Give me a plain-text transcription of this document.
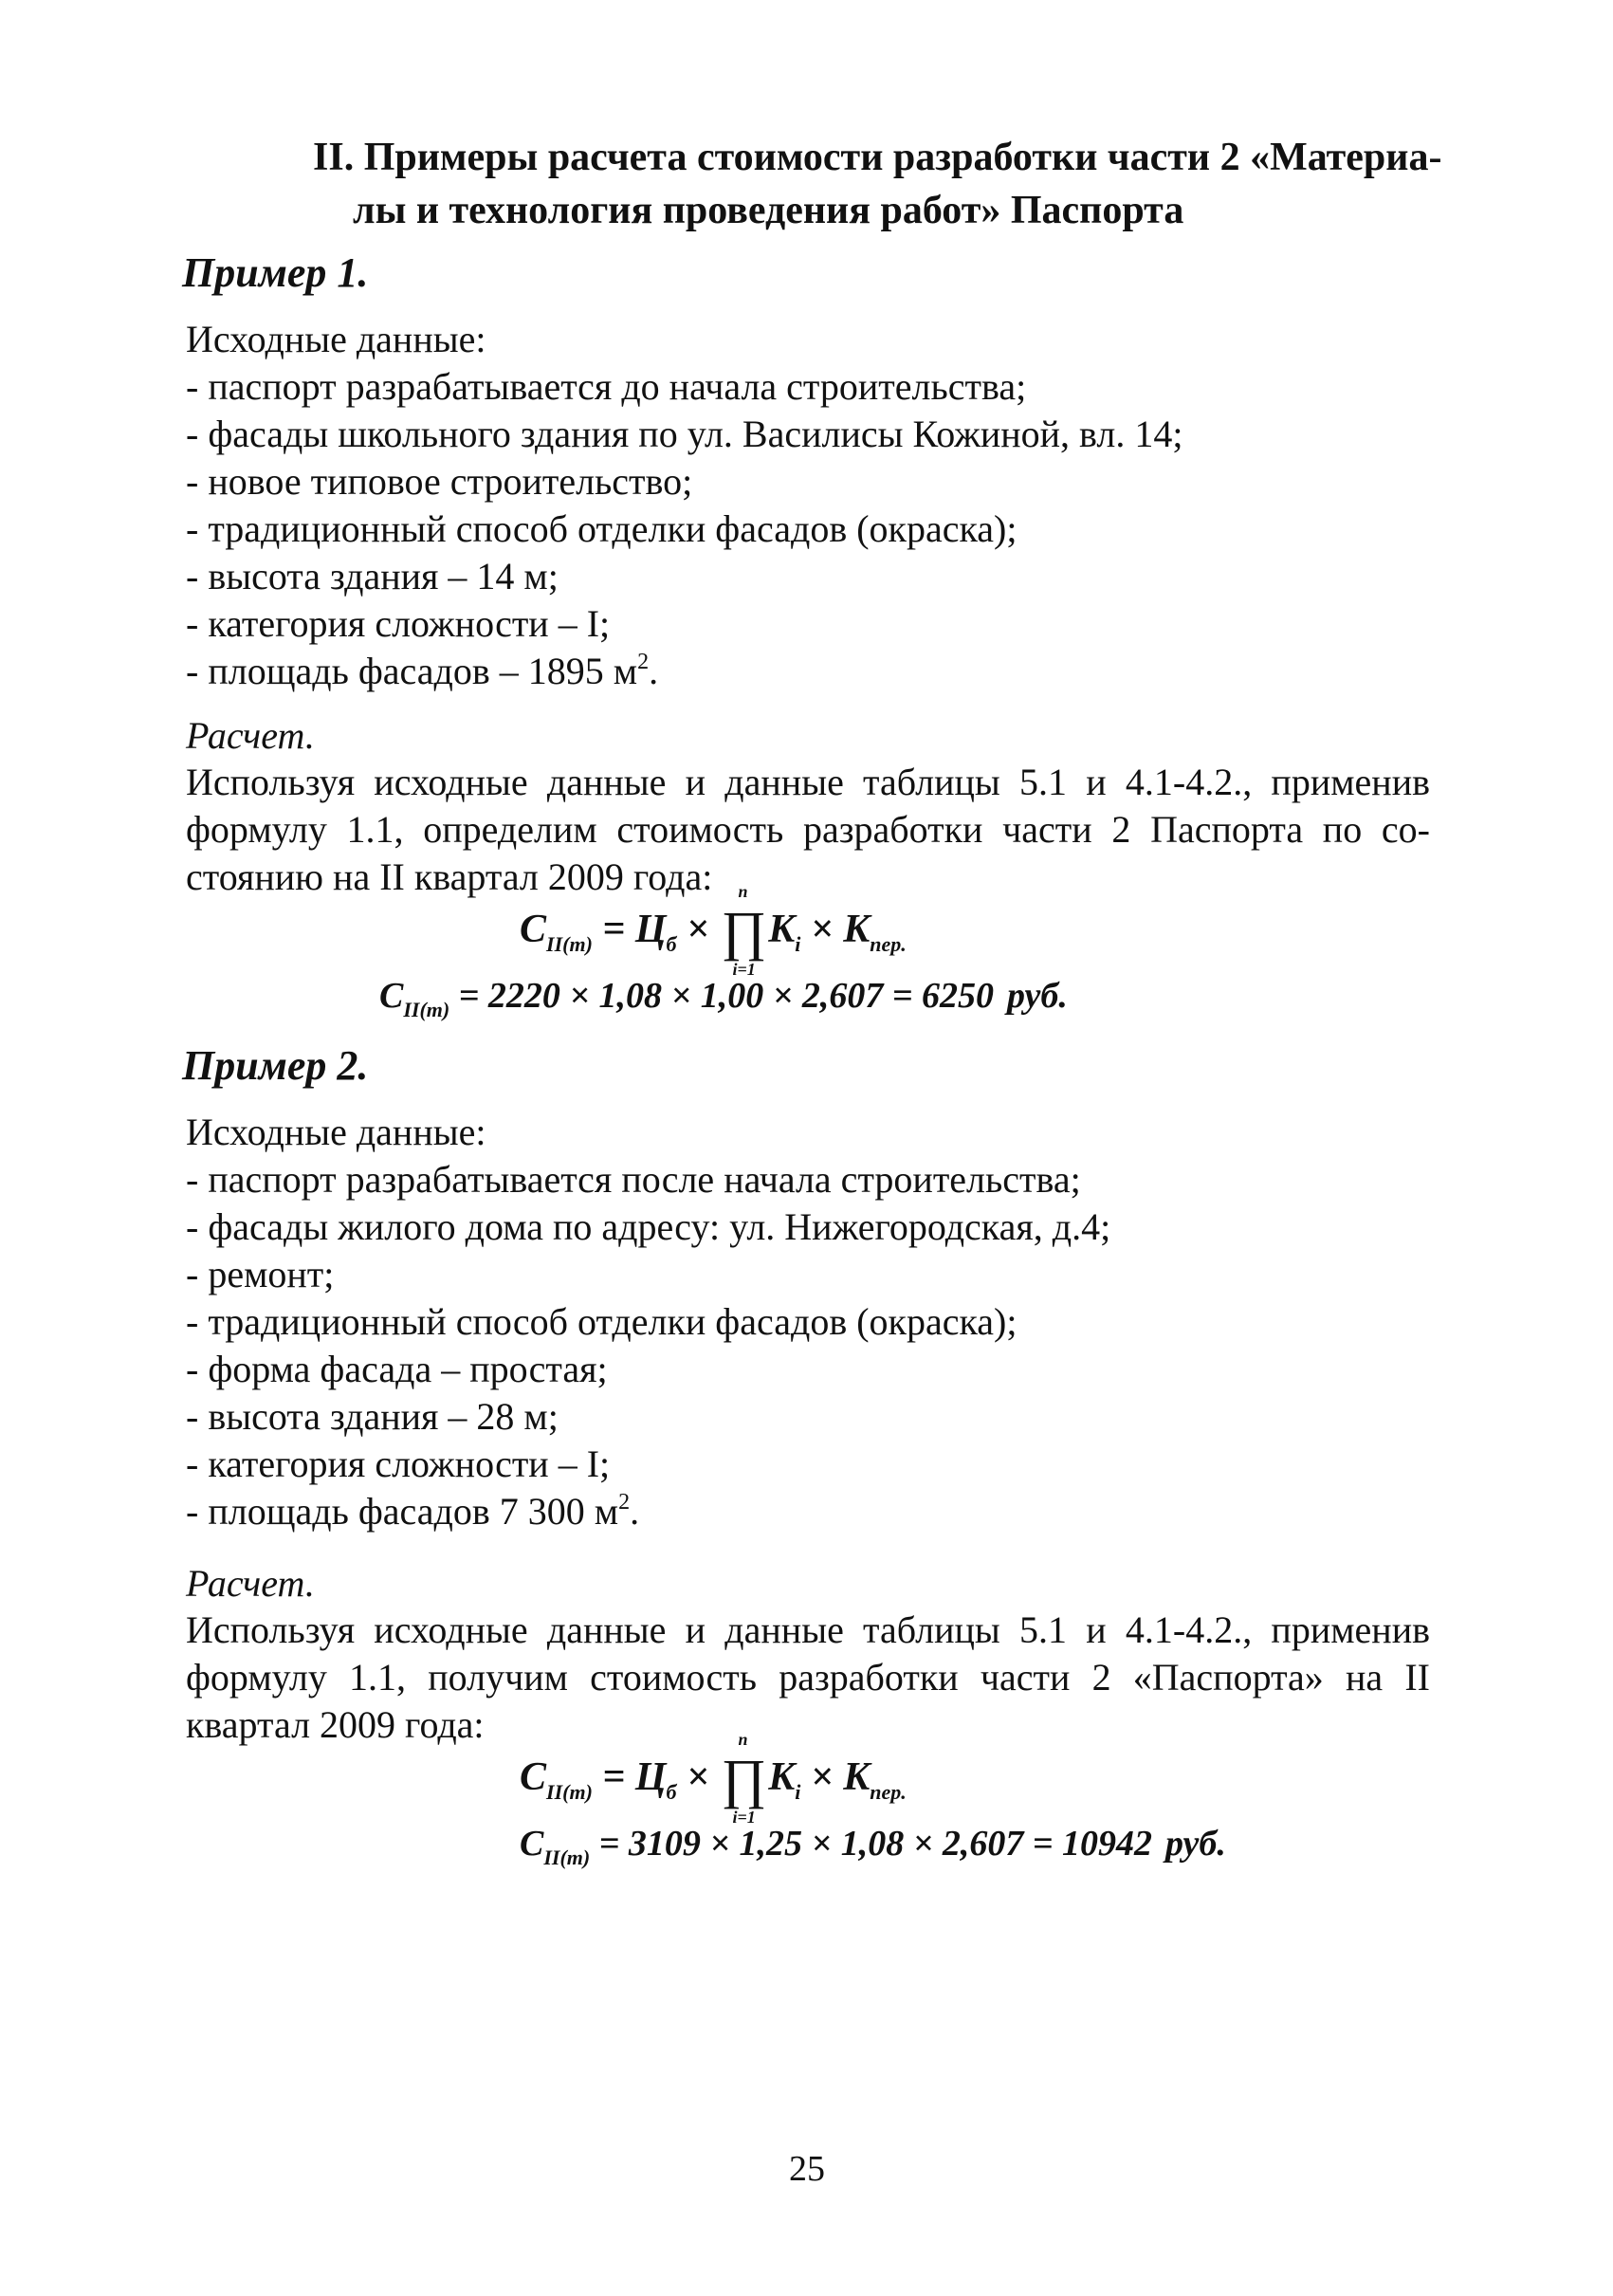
II. Примеры расчета стоимости разработки части 2 «Материа-
лы и технология проведения работ» Паспорта
Пример 1.
Исходные данные:
- паспорт разрабатывается до начала строительства;
- фасады школьного здания по ул. Василисы Кожиной, вл. 14;
- новое типовое строительство;
- традиционный способ отделки фасадов (окраска);
- высота здания – 14 м;
- категория сложности – I;
- площадь фасадов – 1895 $м^2$.
Расчет.
Используя исходные данные и данные таблицы 5.1 и 4.1-4.2., применив
формулу 1.1, определим стоимость разработки части 2 Паспорта по со-
стоянию на II квартал 2009 года:
$C_{II(m)} = Ц_б$ × ∏
n
i=1
$K_i \times K_{пер.}$
$C_{II(m)} = 2220 \times 1,08 \times 1,00 \times 2,607 = 6250$ руб.
Пример 2.
Исходные данные:
- паспорт разрабатывается после начала строительства;
- фасады жилого дома по адресу: ул. Нижегородская, д.4;
- ремонт;
- традиционный способ отделки фасадов (окраска);
- форма фасада – простая;
- высота здания – 28 м;
- категория сложности – I;
- площадь фасадов 7 300 $м^2$.
Расчет.
Используя исходные данные и данные таблицы 5.1 и 4.1-4.2., применив
формулу 1.1, получим стоимость разработки части 2 «Паспорта» на II
квартал 2009 года:
$C_{II(m)} = Ц_б$ × ∏
n
i=1
$K_i \times K_{пер.}$
$C_{II(m)} = 3109 \times 1,25 \times 1,08 \times 2,607 = 10942$ руб.
25
